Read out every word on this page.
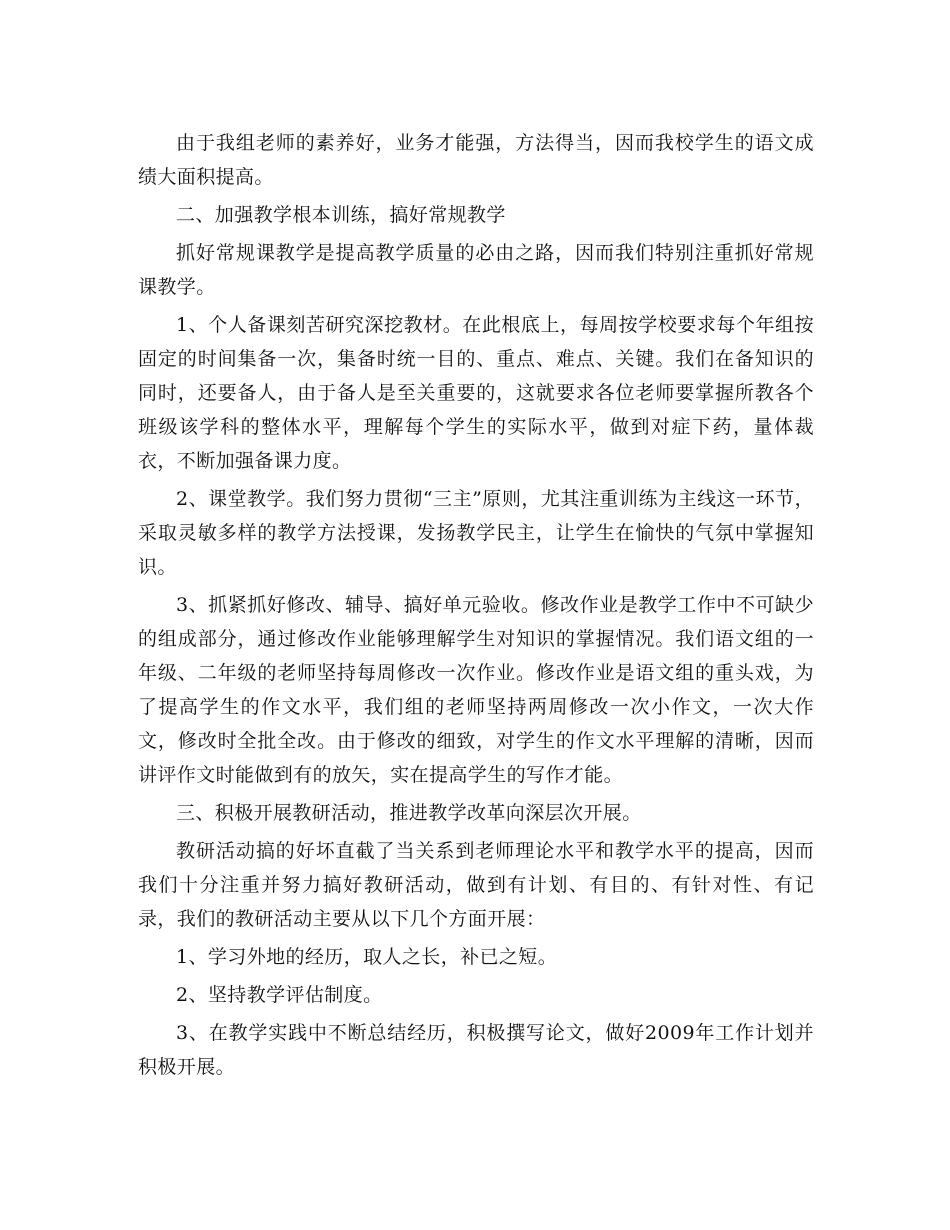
由于我组老师的素养好，业务才能强，方法得当，因而我校学生的语文成绩大面积提高。

二、加强教学根本训练，搞好常规教学

抓好常规课教学是提高教学质量的必由之路，因而我们特别注重抓好常规课教学。

1、个人备课刻苦研究深挖教材。在此根底上，每周按学校要求每个年组按固定的时间集备一次，集备时统一目的、重点、难点、关键。我们在备知识的同时，还要备人，由于备人是至关重要的，这就要求各位老师要掌握所教各个班级该学科的整体水平，理解每个学生的实际水平，做到对症下药，量体裁衣，不断加强备课力度。

2、课堂教学。我们努力贯彻“三主”原则，尤其注重训练为主线这一环节，采取灵敏多样的教学方法授课，发扬教学民主，让学生在愉快的气氛中掌握知识。

3、抓紧抓好修改、辅导、搞好单元验收。修改作业是教学工作中不可缺少的组成部分，通过修改作业能够理解学生对知识的掌握情况。我们语文组的一年级、二年级的老师坚持每周修改一次作业。修改作业是语文组的重头戏，为了提高学生的作文水平，我们组的老师坚持两周修改一次小作文，一次大作文，修改时全批全改。由于修改的细致，对学生的作文水平理解的清晰，因而讲评作文时能做到有的放矢，实在提高学生的写作才能。

三、积极开展教研活动，推进教学改革向深层次开展。

教研活动搞的好坏直截了当关系到老师理论水平和教学水平的提高，因而我们十分注重并努力搞好教研活动，做到有计划、有目的、有针对性、有记录，我们的教研活动主要从以下几个方面开展：

1、学习外地的经历，取人之长，补已之短。

2、坚持教学评估制度。

3、在教学实践中不断总结经历，积极撰写论文，做好2009年工作计划并积极开展。
